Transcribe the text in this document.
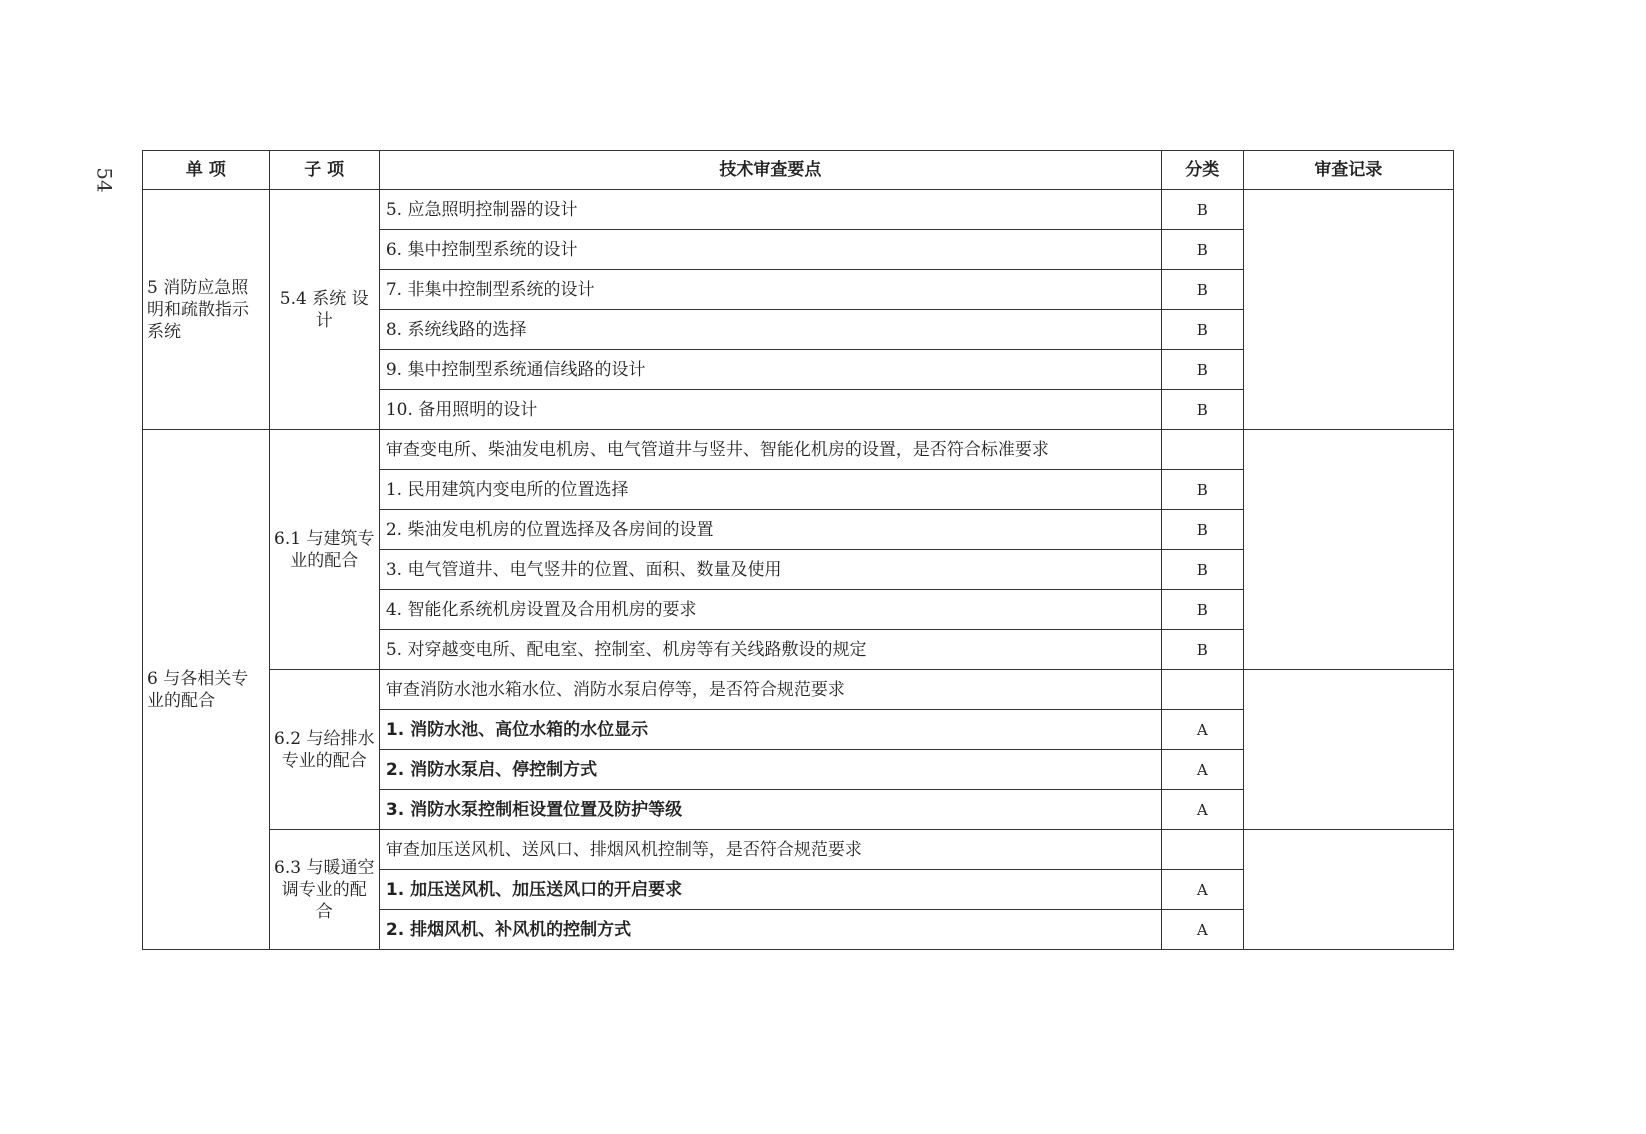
54	单 项	子 项	技术审查要点	分类	审查记录
5 消防应急照明和疏散指示系统	5.4 系统 设计	5. 应急照明控制器的设计	B	
		6. 集中控制型系统的设计	B	
		7. 非集中控制型系统的设计	B	
		8. 系统线路的选择	B	
		9. 集中控制型系统通信线路的设计	B	
		10. 备用照明的设计	B	
6 与各相关专业的配合	6.1 与建筑专业的配合	审查变电所、柴油发电机房、电气管道井与竖井、智能化机房的设置，是否符合标准要求		
		1. 民用建筑内变电所的位置选择	B	
		2. 柴油发电机房的位置选择及各房间的设置	B	
		3. 电气管道井、电气竖井的位置、面积、数量及使用	B	
		4. 智能化系统机房设置及合用机房的要求	B	
		5. 对穿越变电所、配电室、控制室、机房等有关线路敷设的规定	B	
	6.2 与给排水专业的配合	审查消防水池水箱水位、消防水泵启停等，是否符合规范要求		
		1. 消防水池、高位水箱的水位显示	A	
		2. 消防水泵启、停控制方式	A	
		3. 消防水泵控制柜设置位置及防护等级	A	
	6.3 与暖通空调专业的配合	审查加压送风机、送风口、排烟风机控制等，是否符合规范要求		
		1. 加压送风机、加压送风口的开启要求	A	
		2. 排烟风机、补风机的控制方式	A	
